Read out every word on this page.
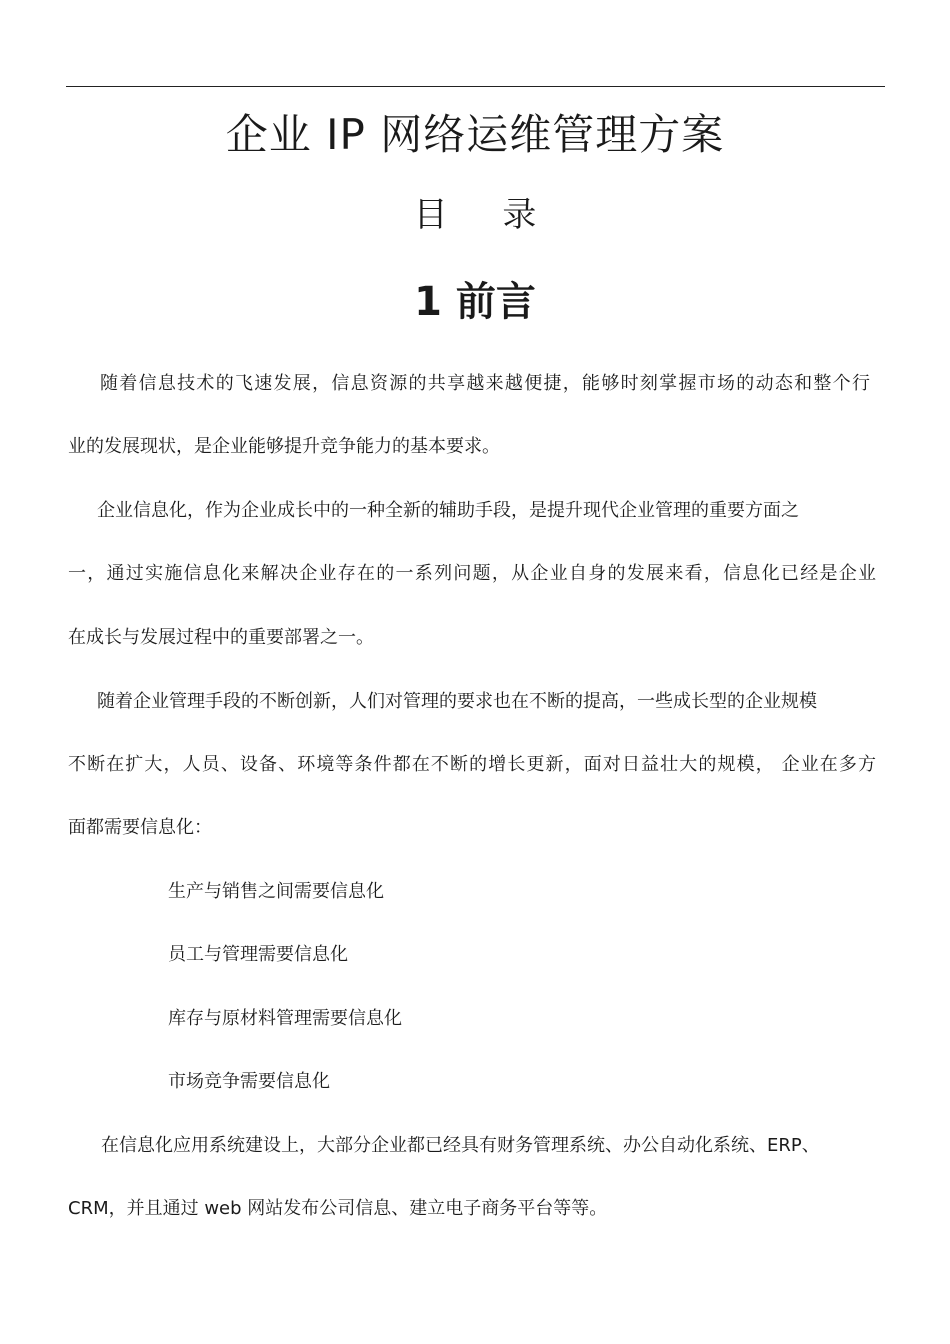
企业 IP 网络运维管理方案
目 录
1 前言

随着信息技术的飞速发展，信息资源的共享越来越便捷，能够时刻掌握市场的动态和整个行

业的发展现状，是企业能够提升竞争能力的基本要求。

企业信息化，作为企业成长中的一种全新的辅助手段，是提升现代企业管理的重要方面之

一，通过实施信息化来解决企业存在的一系列问题，从企业自身的发展来看，信息化已经是企业

在成长与发展过程中的重要部署之一。

随着企业管理手段的不断创新，人们对管理的要求也在不断的提高，一些成长型的企业规模

不断在扩大，人员、设备、环境等条件都在不断的增长更新，面对日益壮大的规模， 企业在多方

面都需要信息化：

生产与销售之间需要信息化

员工与管理需要信息化

库存与原材料管理需要信息化

市场竞争需要信息化

在信息化应用系统建设上，大部分企业都已经具有财务管理系统、办公自动化系统、ERP、

CRM，并且通过 web 网站发布公司信息、建立电子商务平台等等。
